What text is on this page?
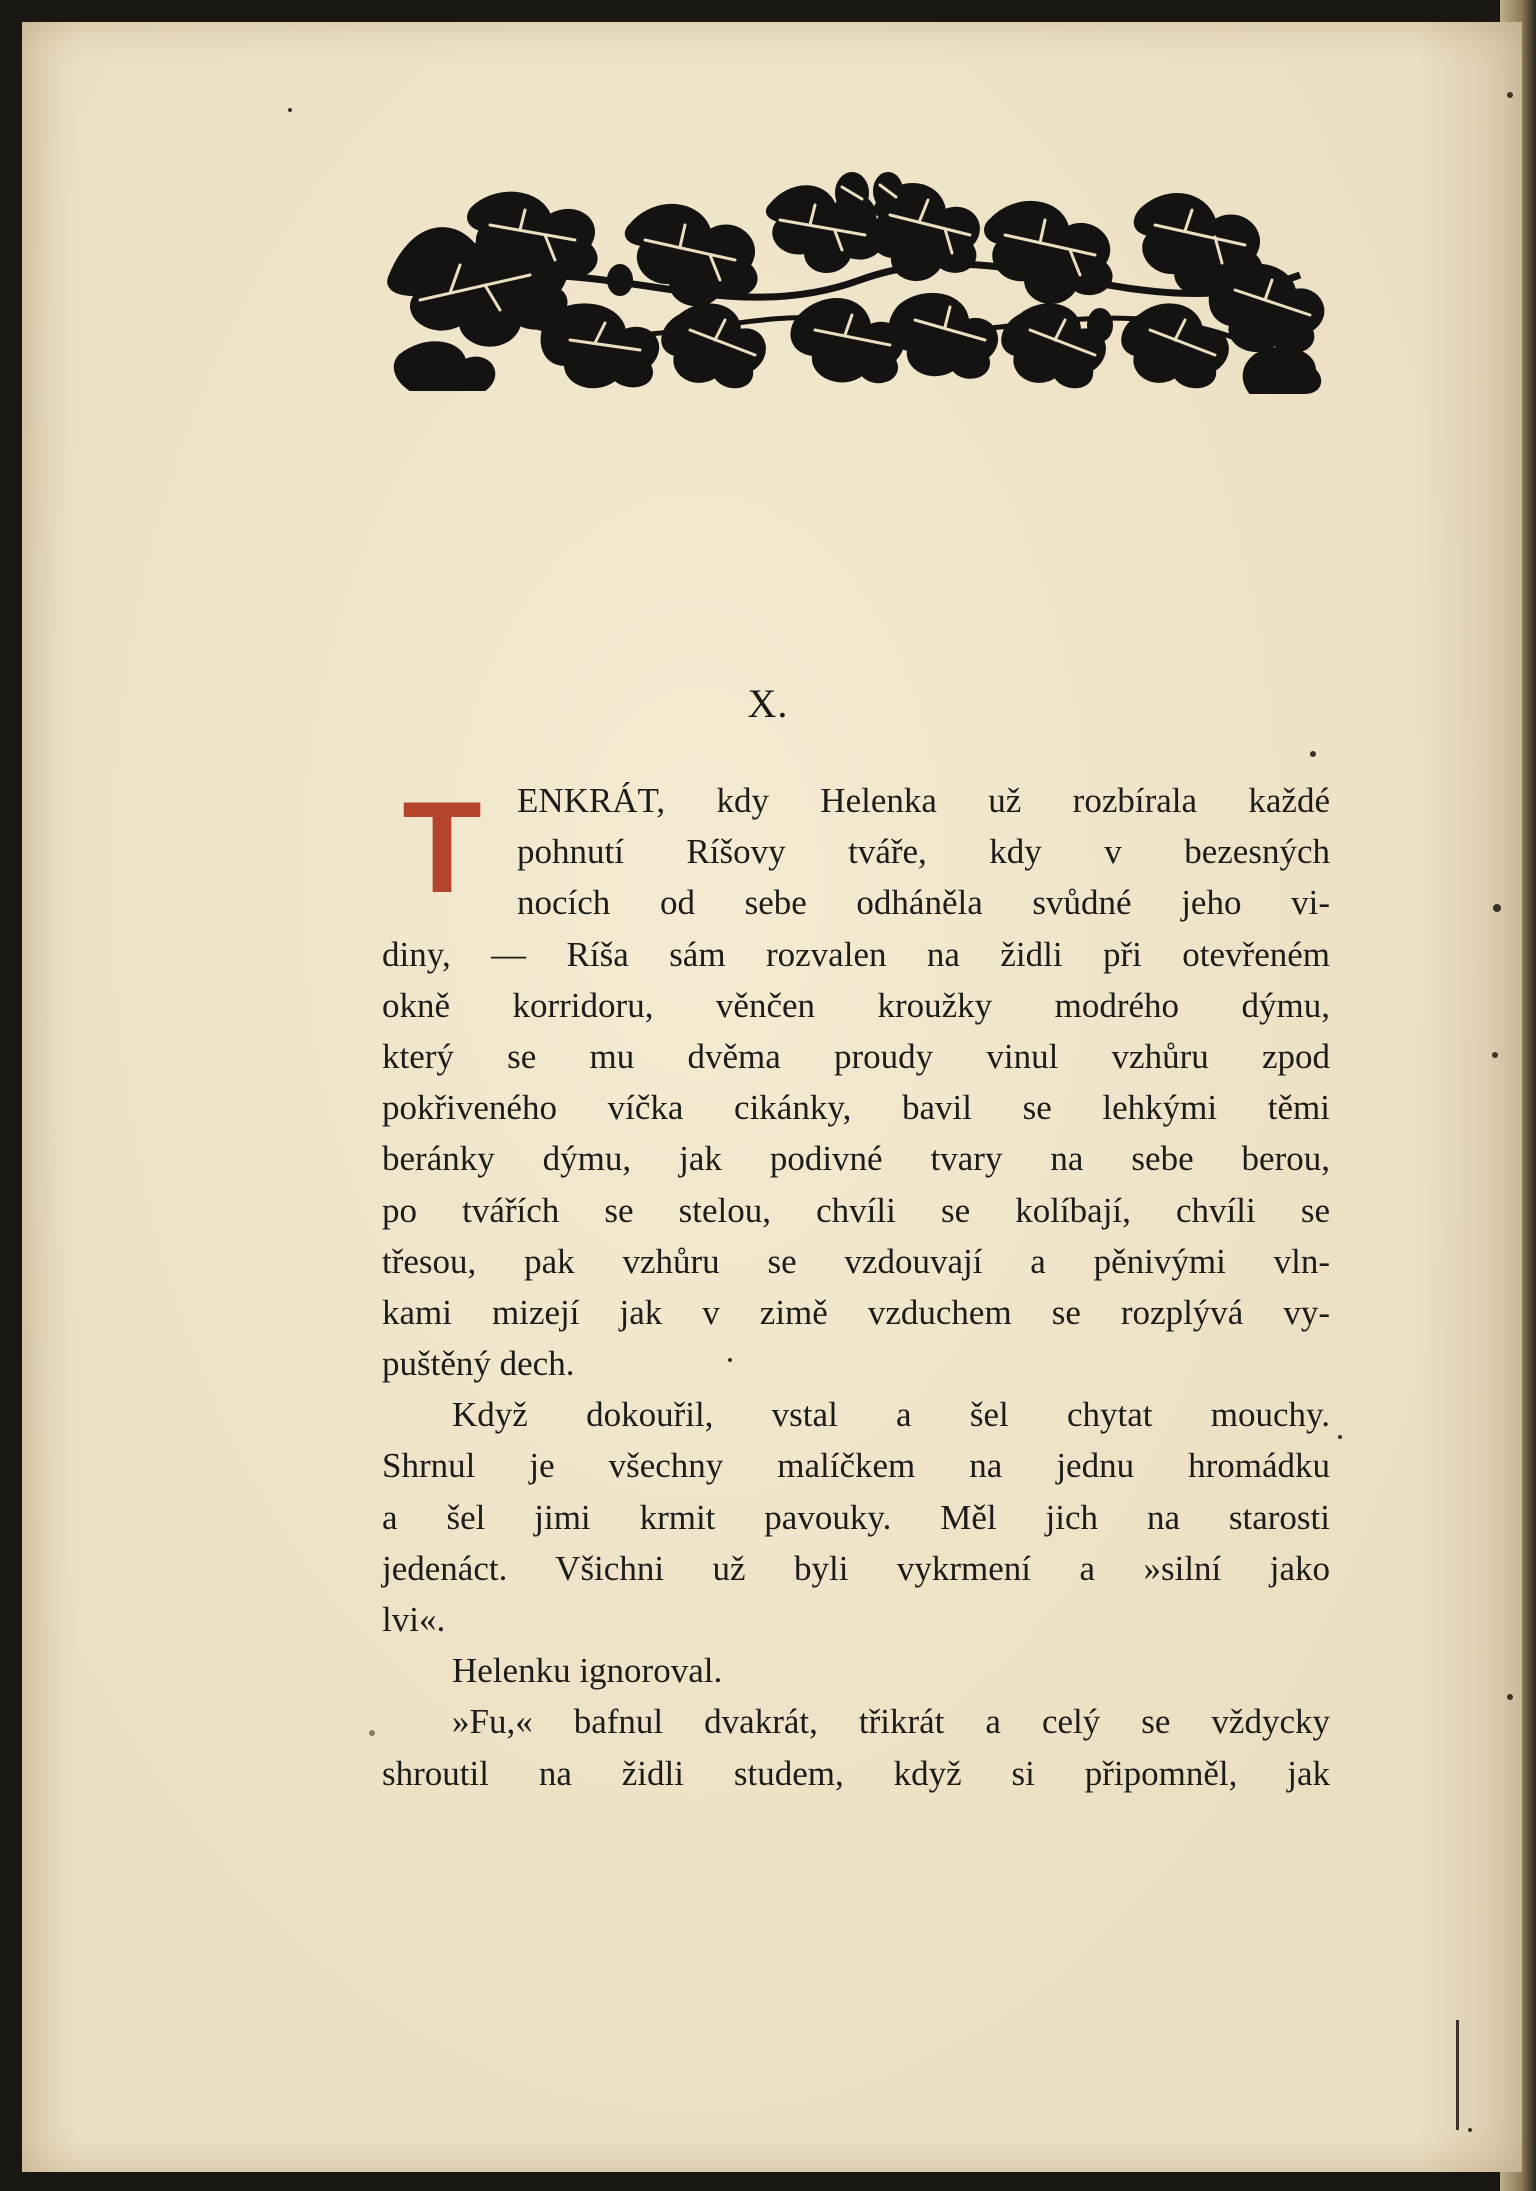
X.
T ENKRÁT, kdy Helenka už rozbírala každé
pohnutí Ríšovy tváře, kdy v bezesných
nocích od sebe odháněla svůdné jeho vi-
diny, — Ríša sám rozvalen na židli při otevřeném
okně korridoru, věnčen kroužky modrého dýmu,
který se mu dvěma proudy vinul vzhůru zpod
pokřiveného víčka cikánky, bavil se lehkými těmi
beránky dýmu, jak podivné tvary na sebe berou,
po tvářích se stelou, chvíli se kolíbají, chvíli se
třesou, pak vzhůru se vzdouvají a pěnivými vln-
kami mizejí jak v zimě vzduchem se rozplývá vy-
puštěný dech.
Když dokouřil, vstal a šel chytat mouchy.
Shrnul je všechny malíčkem na jednu hromádku
a šel jimi krmit pavouky. Měl jich na starosti
jedenáct. Všichni už byli vykrmení a »silní jako
lvi«.
Helenku ignoroval.
»Fu,« bafnul dvakrát, třikrát a celý se vždycky
shroutil na židli studem, když si připomněl, jak
